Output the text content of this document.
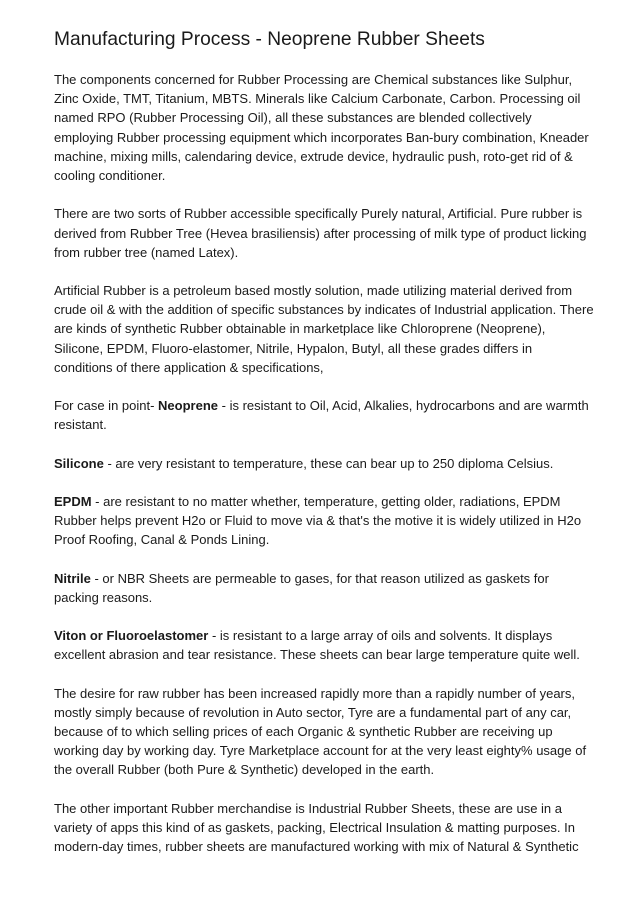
Manufacturing Process - Neoprene Rubber Sheets

The components concerned for Rubber Processing are Chemical substances like Sulphur, Zinc Oxide, TMT, Titanium, MBTS. Minerals like Calcium Carbonate, Carbon. Processing oil named RPO (Rubber Processing Oil), all these substances are blended collectively employing Rubber processing equipment which incorporates Ban-bury combination, Kneader machine, mixing mills, calendaring device, extrude device, hydraulic push, roto-get rid of & cooling conditioner.

There are two sorts of Rubber accessible specifically Purely natural, Artificial. Pure rubber is derived from Rubber Tree (Hevea brasiliensis) after processing of milk type of product licking from rubber tree (named Latex).

Artificial Rubber is a petroleum based mostly solution, made utilizing material derived from crude oil & with the addition of specific substances by indicates of Industrial application. There are kinds of synthetic Rubber obtainable in marketplace like Chloroprene (Neoprene), Silicone, EPDM, Fluoro-elastomer, Nitrile, Hypalon, Butyl, all these grades differs in conditions of there application & specifications,

For case in point- Neoprene - is resistant to Oil, Acid, Alkalies, hydrocarbons and are warmth resistant.

Silicone - are very resistant to temperature, these can bear up to 250 diploma Celsius.

EPDM - are resistant to no matter whether, temperature, getting older, radiations, EPDM Rubber helps prevent H2o or Fluid to move via & that's the motive it is widely utilized in H2o Proof Roofing, Canal & Ponds Lining.

Nitrile - or NBR Sheets are permeable to gases, for that reason utilized as gaskets for packing reasons.

Viton or Fluoroelastomer - is resistant to a large array of oils and solvents. It displays excellent abrasion and tear resistance. These sheets can bear large temperature quite well.

The desire for raw rubber has been increased rapidly more than a rapidly number of years, mostly simply because of revolution in Auto sector, Tyre are a fundamental part of any car, because of to which selling prices of each Organic & synthetic Rubber are receiving up working day by working day. Tyre Marketplace account for at the very least eighty% usage of the overall Rubber (both Pure & Synthetic) developed in the earth.

The other important Rubber merchandise is Industrial Rubber Sheets, these are use in a variety of apps this kind of as gaskets, packing, Electrical Insulation & matting purposes. In modern-day times, rubber sheets are manufactured working with mix of Natural & Synthetic
